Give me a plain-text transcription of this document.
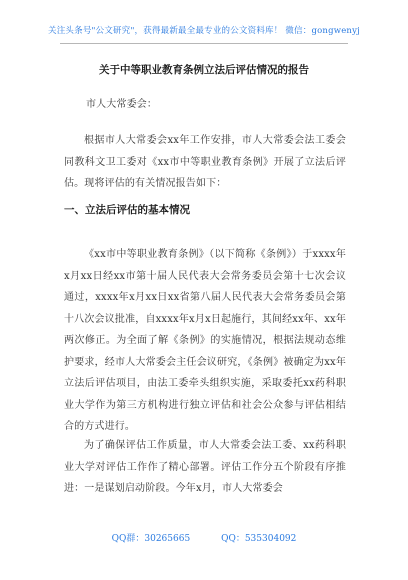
关注头条号"公文研究"，获得最新最全最专业的公文资料库！ 微信：gongwenyj
关于中等职业教育条例立法后评估情况的报告
市人大常委会：
根据市人大常委会xx年工作安排，市人大常委会法工委会同教科文卫工委对《xx市中等职业教育条例》开展了立法后评估。现将评估的有关情况报告如下：
一、立法后评估的基本情况
《xx市中等职业教育条例》（以下简称《条例》）于xxxx年x月xx日经xx市第十届人民代表大会常务委员会第十七次会议通过，xxxx年x月xx日xx省第八届人民代表大会常务委员会第十八次会议批准，自xxxx年x月x日起施行，其间经xx年、xx年两次修正。为全面了解《条例》的实施情况，根据法规动态维护要求，经市人大常委会主任会议研究，《条例》被确定为xx年立法后评估项目，由法工委牵头组织实施，采取委托xx药科职业大学作为第三方机构进行独立评估和社会公众参与评估相结合的方式进行。
为了确保评估工作质量，市人大常委会法工委、xx药科职业大学对评估工作作了精心部署。评估工作分五个阶段有序推进：一是谋划启动阶段。今年x月，市人大常委会
QQ群：30265665	QQ：535304092
